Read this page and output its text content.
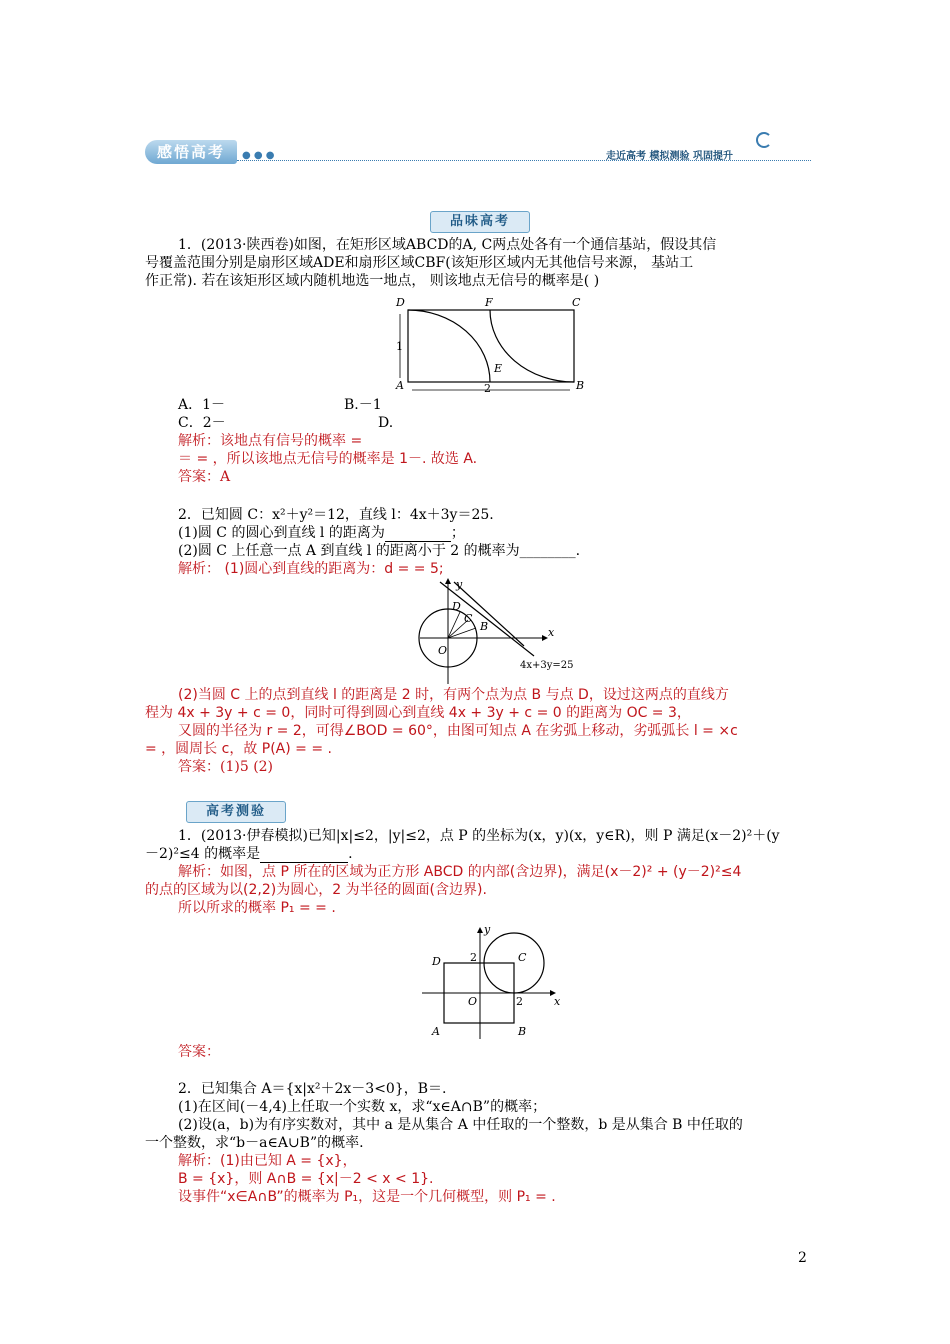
感悟高考	● ● ●	走近高考 模拟测验 巩固提升
品味高考
1．(2013·陕西卷)如图，在矩形区域ABCD的A, C两点处各有一个通信基站，假设其信
号覆盖范围分别是扇形区域ADE和扇形区域CBF(该矩形区域内无其他信号来源， 基站工
作正常). 若在该矩形区域内随机地选一地点， 则该地点无信号的概率是( )
D	F	C
1
E
A	2	B
A．1－	B.－1
C．2－	D.
解析：该地点有信号的概率 =
＝ = ，所以该地点无信号的概率是 1－. 故选 A.
答案：A
2．已知圆 C：x²＋y²＝12，直线 l：4x＋3y＝25.
(1)圆 C 的圆心到直线 l 的距离为	；
(2)圆 C 上任意一点 A 到直线 l 的距离小于 2 的概率为________.
解析： (1)圆心到直线的距离为：d = = 5;
y
D
C
B	x
O
4x+3y=25
(2)当圆 C 上的点到直线 l 的距离是 2 时，有两个点为点 B 与点 D，设过这两点的直线方
程为 4x + 3y + c = 0，同时可得到圆心到直线 4x + 3y + c = 0 的距离为 OC = 3，
又圆的半径为 r = 2，可得∠BOD = 60°，由图可知点 A 在劣弧上移动，劣弧弧长 l = ×c
= ，圆周长 c，故 P(A) = = .
答案：(1)5 (2)
高考测验
1．(2013·伊春模拟)已知|x|≤2，|y|≤2，点 P 的坐标为(x，y)(x，y∈R)，则 P 满足(x－2)²＋(y
－2)²≤4 的概率是	.
解析：如图，点 P 所在的区域为正方形 ABCD 的内部(含边界)，满足(x－2)² + (y－2)²≤4
的点的区域为以(2,2)为圆心，2 为半径的圆面(含边界).
所以所求的概率 P₁ = = .
y
D	2	C
O	2	x
A	B
答案：
2．已知集合 A＝{x|x²＋2x－3<0}，B＝.
(1)在区间(－4,4)上任取一个实数 x，求“x∈A∩B”的概率；
(2)设(a，b)为有序实数对，其中 a 是从集合 A 中任取的一个整数，b 是从集合 B 中任取的
一个整数，求“b－a∈A∪B”的概率.
解析：(1)由已知 A = {x}，
B = {x}，则 A∩B = {x|－2 < x < 1}.
设事件“x∈A∩B”的概率为 P₁，这是一个几何概型，则 P₁ = .
2
